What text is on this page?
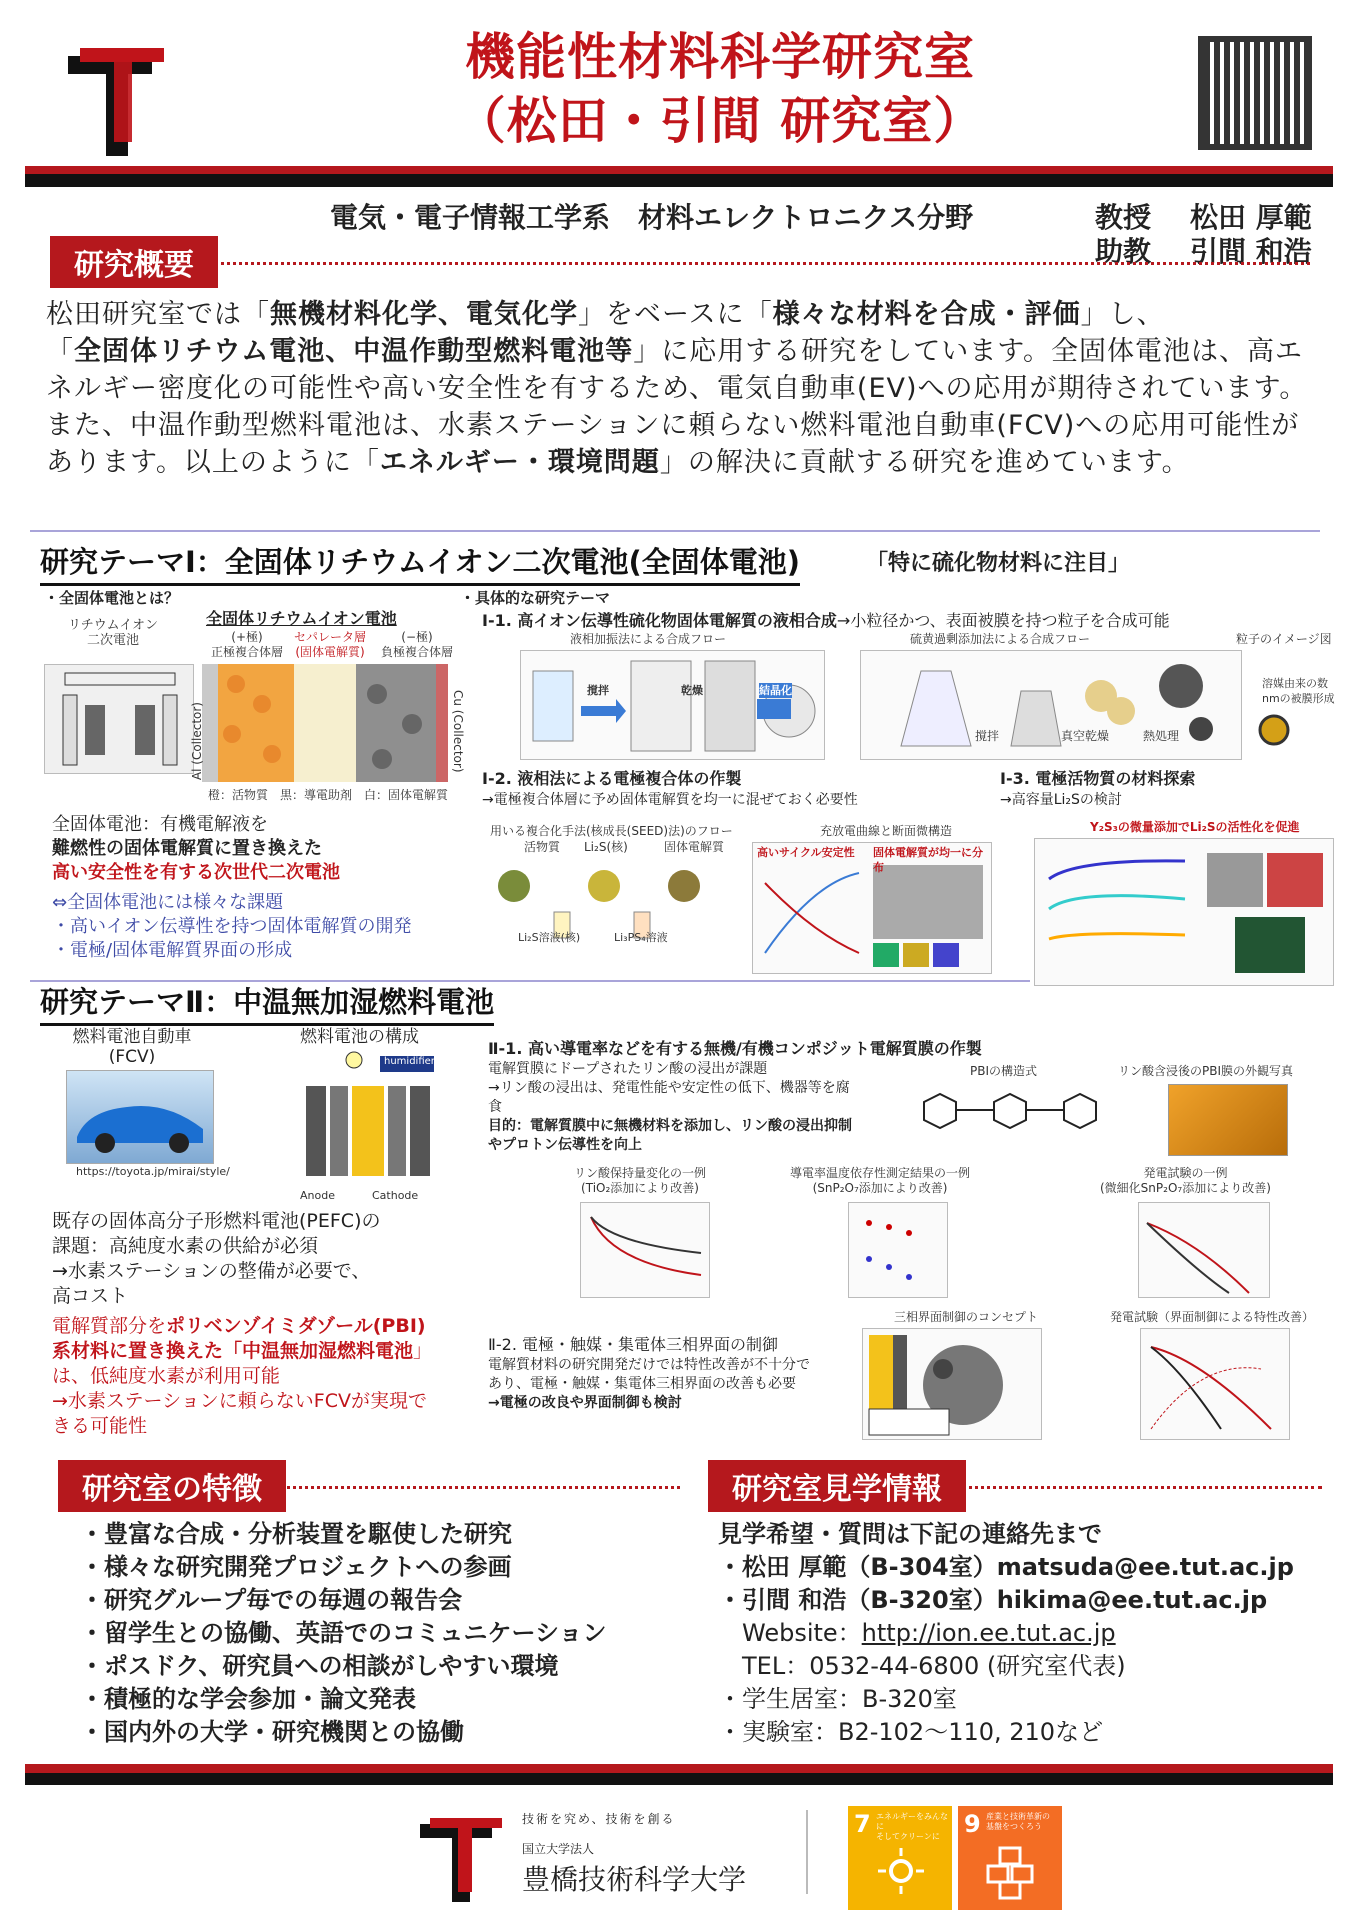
機能性材料科学研究室
（松田・引間 研究室）
電気・電子情報工学系　材料エレクトロニクス分野	教授 松田 厚範
助教 引間 和浩
研究概要
松田研究室では「無機材料化学、電気化学」をベースに「様々な材料を合成・評価」し、
「全固体リチウム電池、中温作動型燃料電池等」に応用する研究をしています。全固体電池は、高エネルギー密度化の可能性や高い安全性を有するため、電気自動車(EV)への応用が期待されています。また、中温作動型燃料電池は、水素ステーションに頼らない燃料電池自動車(FCV)への応用可能性があります。以上のように「エネルギー・環境問題」の解決に貢献する研究を進めています。
研究テーマⅠ：全固体リチウムイオン二次電池(全固体電池)	「特に硫化物材料に注目」
・全固体電池とは？
リチウムイオン
二次電池
全固体リチウムイオン電池
(+極)
正極複合体層
セパレータ層
(固体電解質)
(−極)
負極複合体層
Al (Collector)	Cu (Collector)
橙：活物質　黒：導電助剤　白：固体電解質
全固体電池：有機電解液を
難燃性の固体電解質に置き換えた
高い安全性を有する次世代二次電池
⇔全固体電池には様々な課題
・高いイオン伝導性を持つ固体電解質の開発
・電極/固体電解質界面の形成
・具体的な研究テーマ
Ⅰ-1. 高イオン伝導性硫化物固体電解質の液相合成→小粒径かつ、表面被膜を持つ粒子を合成可能
液相加振法による合成フロー	硫黄過剰添加法による合成フロー	粒子のイメージ図
撹拌	乾燥	結晶化
撹拌	真空乾燥	熱処理
溶媒由来の数nmの被膜形成
Ⅰ-2. 液相法による電極複合体の作製
→電極複合体層に予め固体電解質を均一に混ぜておく必要性
用いる複合化手法(核成長(SEED)法)のフロー	充放電曲線と断面微構造
活物質 Li₂S(核)	固体電解質
Li₂S溶液(核)	Li₃PS₄溶液
高いサイクル安定性 固体電解質が均一に分布
Ⅰ-3. 電極活物質の材料探索
→高容量Li₂Sの検討
Y₂S₃の微量添加でLi₂Sの活性化を促進
研究テーマⅡ：中温無加湿燃料電池
燃料電池自動車(FCV)

https://toyota.jp/mirai/style/
燃料電池の構成
humidifier
Anode	Cathode
既存の固体高分子形燃料電池(PEFC)の
課題：高純度水素の供給が必須
→水素ステーションの整備が必要で、
高コスト
電解質部分をポリベンゾイミダゾール(PBI)系材料に置き換えた「中温無加湿燃料電池」は、低純度水素が利用可能
→水素ステーションに頼らないFCVが実現できる可能性
Ⅱ-1. 高い導電率などを有する無機/有機コンポジット電解質膜の作製
電解質膜にドープされたリン酸の浸出が課題
→リン酸の浸出は、発電性能や安定性の低下、機器等を腐食
目的：電解質膜中に無機材料を添加し、リン酸の浸出抑制やプロトン伝導性を向上
PBIの構造式	リン酸含浸後のPBI膜の外観写真
リン酸保持量変化の一例
(TiO₂添加により改善)
導電率温度依存性測定結果の一例
(SnP₂O₇添加により改善)
発電試験の一例
(微細化SnP₂O₇添加により改善)
Ⅱ-2. 電極・触媒・集電体三相界面の制御
電解質材料の研究開発だけでは特性改善が不十分であり、電極・触媒・集電体三相界面の改善も必要
→電極の改良や界面制御も検討
三相界面制御のコンセプト	発電試験（界面制御による特性改善）
研究室の特徴
・豊富な合成・分析装置を駆使した研究
・様々な研究開発プロジェクトへの参画
・研究グループ毎での毎週の報告会
・留学生との協働、英語でのコミュニケーション
・ポスドク、研究員への相談がしやすい環境
・積極的な学会参加・論文発表
・国内外の大学・研究機関との協働
研究室見学情報
見学希望・質問は下記の連絡先まで
・松田 厚範（B-304室）matsuda@ee.tut.ac.jp
・引間 和浩（B-320室）hikima@ee.tut.ac.jp
Website：http://ion.ee.tut.ac.jp
TEL：0532-44-6800 (研究室代表)
・学生居室：B-320室
・実験室：B2-102〜110, 210など
技術を究め、技術を創る
国立大学法人
豊橋技術科学大学
7 エネルギーをみんなに
そしてクリーンに	9 産業と技術革新の
基盤をつくろう
